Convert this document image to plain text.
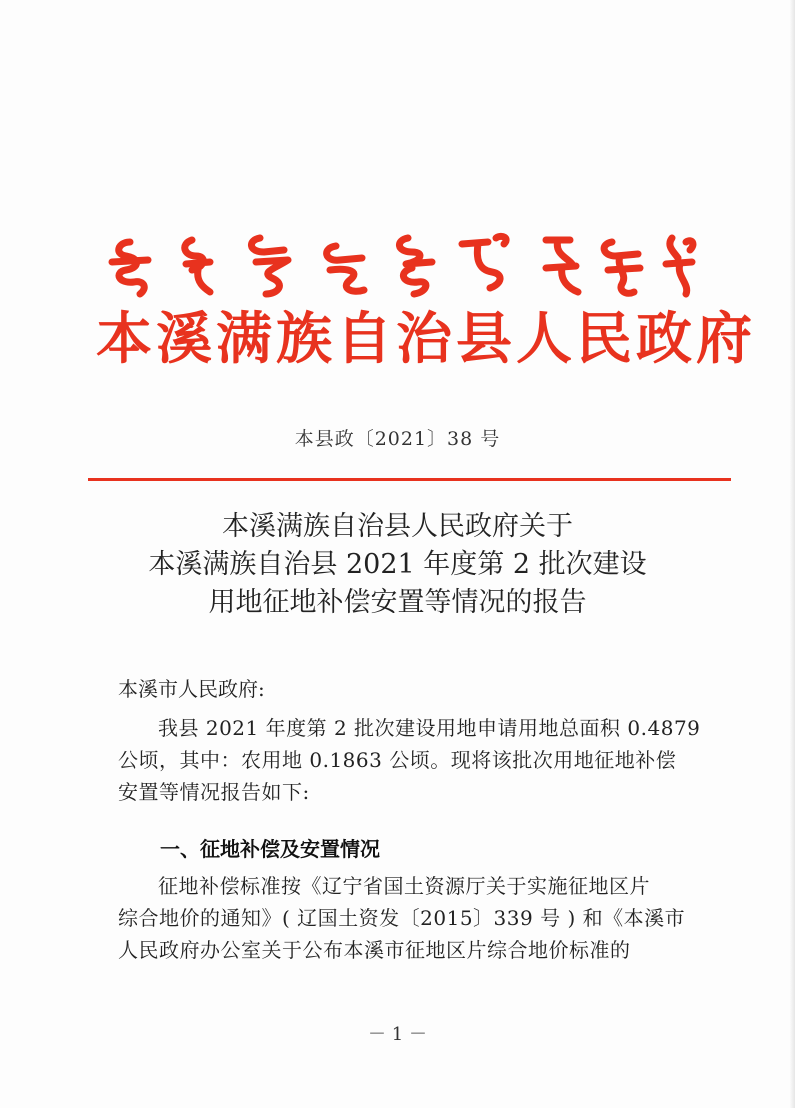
本溪满族自治县人民政府
本县政〔2021〕38 号
本溪满族自治县人民政府关于
本溪满族自治县 2021 年度第 2 批次建设
用地征地补偿安置等情况的报告
本溪市人民政府:
我县 2021 年度第 2 批次建设用地申请用地总面积 0.4879
公顷，其中：农用地 0.1863 公顷。现将该批次用地征地补偿
安置等情况报告如下:
一、征地补偿及安置情况
征地补偿标准按《辽宁省国土资源厅关于实施征地区片
综合地价的通知》( 辽国土资发〔2015〕339 号 ) 和《本溪市
人民政府办公室关于公布本溪市征地区片综合地价标准的
－ 1 －
